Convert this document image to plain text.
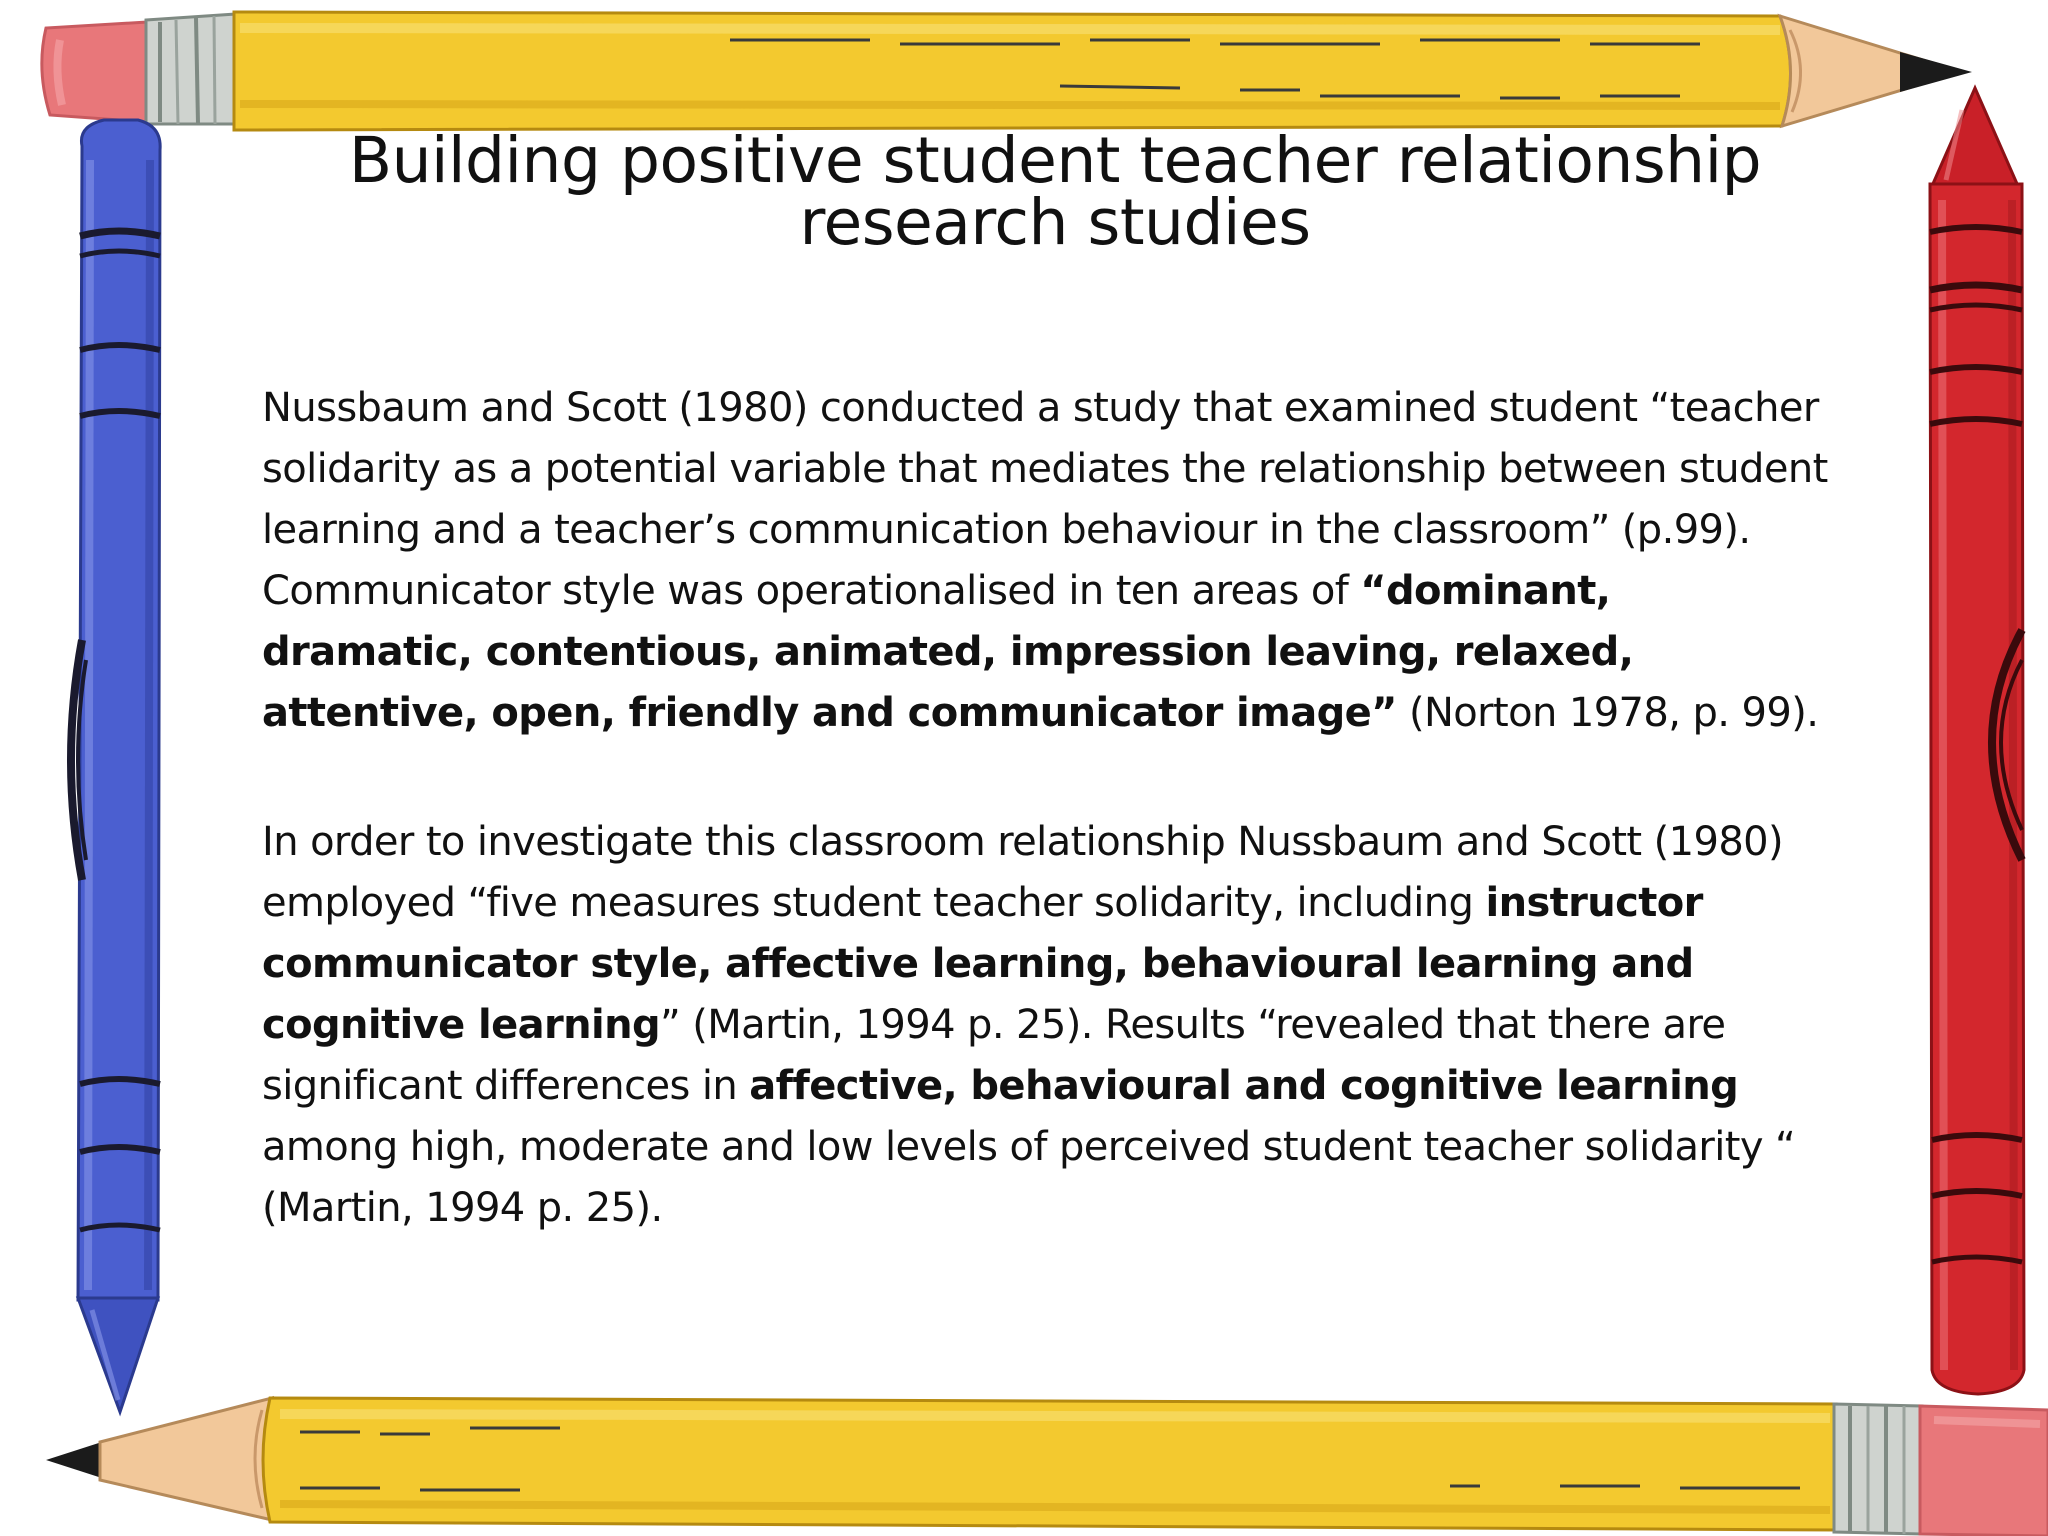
Building positive student teacher relationship research studies

Nussbaum and Scott (1980) conducted a study that examined student “teacher solidarity as a potential variable that mediates the relationship between student learning and a teacher’s communication behaviour in the classroom” (p.99). Communicator style was operationalised in ten areas of “dominant, dramatic, contentious, animated, impression leaving, relaxed, attentive, open, friendly and communicator image” (Norton 1978, p. 99).

In order to investigate this classroom relationship Nussbaum and Scott (1980) employed “five measures student teacher solidarity, including instructor communicator style, affective learning, behavioural learning and cognitive learning” (Martin, 1994 p. 25). Results “revealed that there are significant differences in affective, behavioural and cognitive learning among high, moderate and low levels of perceived student teacher solidarity “ (Martin, 1994 p. 25).
